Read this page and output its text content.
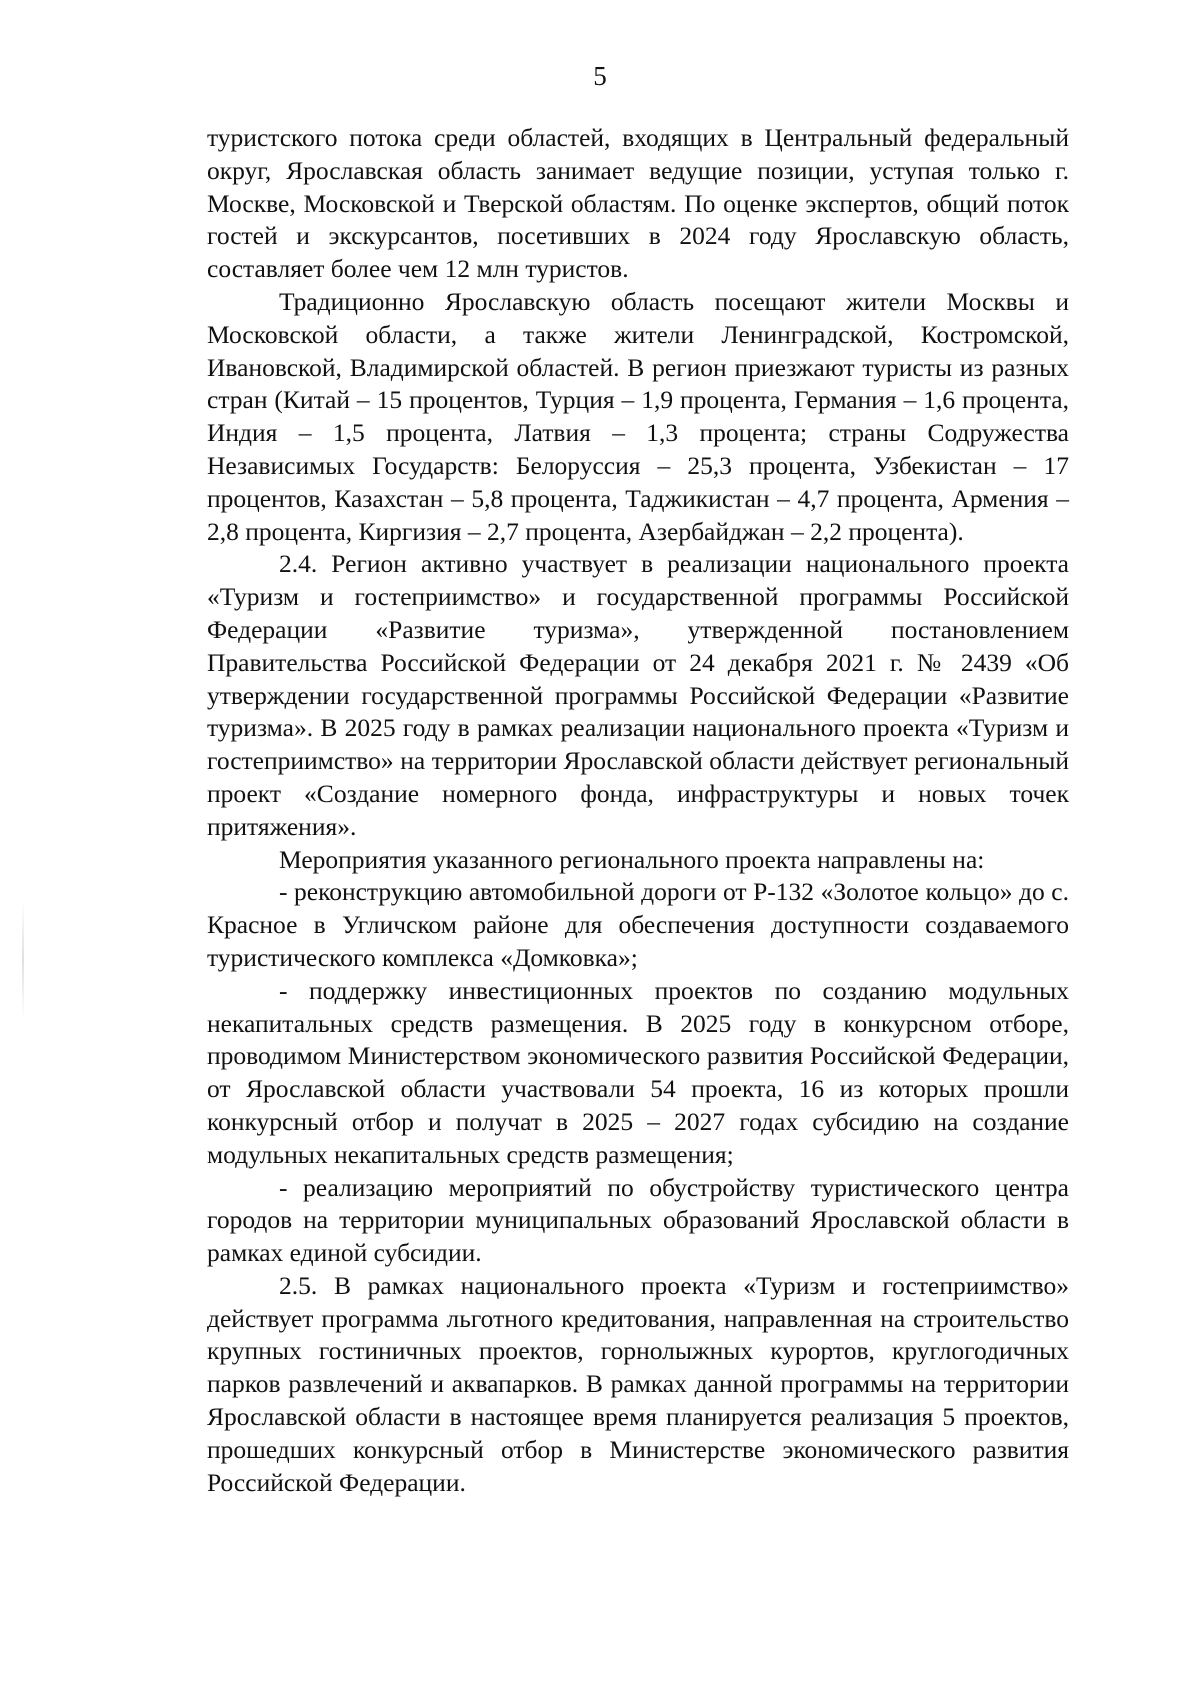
5

туристского потока среди областей, входящих в Центральный федеральный округ, Ярославская область занимает ведущие позиции, уступая только г. Москве, Московской и Тверской областям. По оценке экспертов, общий поток гостей и экскурсантов, посетивших в 2024 году Ярославскую область, составляет более чем 12 млн туристов.

Традиционно Ярославскую область посещают жители Москвы и Московской области, а также жители Ленинградской, Костромской, Ивановской, Владимирской областей. В регион приезжают туристы из разных стран (Китай – 15 процентов, Турция – 1,9 процента, Германия – 1,6 процента, Индия – 1,5 процента, Латвия – 1,3 процента; страны Содружества Независимых Государств: Белоруссия – 25,3 процента, Узбекистан – 17 процентов, Казахстан – 5,8 процента, Таджикистан – 4,7 процента, Армения – 2,8 процента, Киргизия – 2,7 процента, Азербайджан – 2,2 процента).

2.4. Регион активно участвует в реализации национального проекта «Туризм и гостеприимство» и государственной программы Российской Федерации «Развитие туризма», утвержденной постановлением Правительства Российской Федерации от 24 декабря 2021 г. № 2439 «Об утверждении государственной программы Российской Федерации «Развитие туризма». В 2025 году в рамках реализации национального проекта «Туризм и гостеприимство» на территории Ярославской области действует региональный проект «Создание номерного фонда, инфраструктуры и новых точек притяжения».

Мероприятия указанного регионального проекта направлены на:

- реконструкцию автомобильной дороги от Р-132 «Золотое кольцо» до с. Красное в Угличском районе для обеспечения доступности создаваемого туристического комплекса «Домковка»;

- поддержку инвестиционных проектов по созданию модульных некапитальных средств размещения. В 2025 году в конкурсном отборе, проводимом Министерством экономического развития Российской Федерации, от Ярославской области участвовали 54 проекта, 16 из которых прошли конкурсный отбор и получат в 2025 – 2027 годах субсидию на создание модульных некапитальных средств размещения;

- реализацию мероприятий по обустройству туристического центра городов на территории муниципальных образований Ярославской области в рамках единой субсидии.

2.5. В рамках национального проекта «Туризм и гостеприимство» действует программа льготного кредитования, направленная на строительство крупных гостиничных проектов, горнолыжных курортов, круглогодичных парков развлечений и аквапарков. В рамках данной программы на территории Ярославской области в настоящее время планируется реализация 5 проектов, прошедших конкурсный отбор в Министерстве экономического развития Российской Федерации.
